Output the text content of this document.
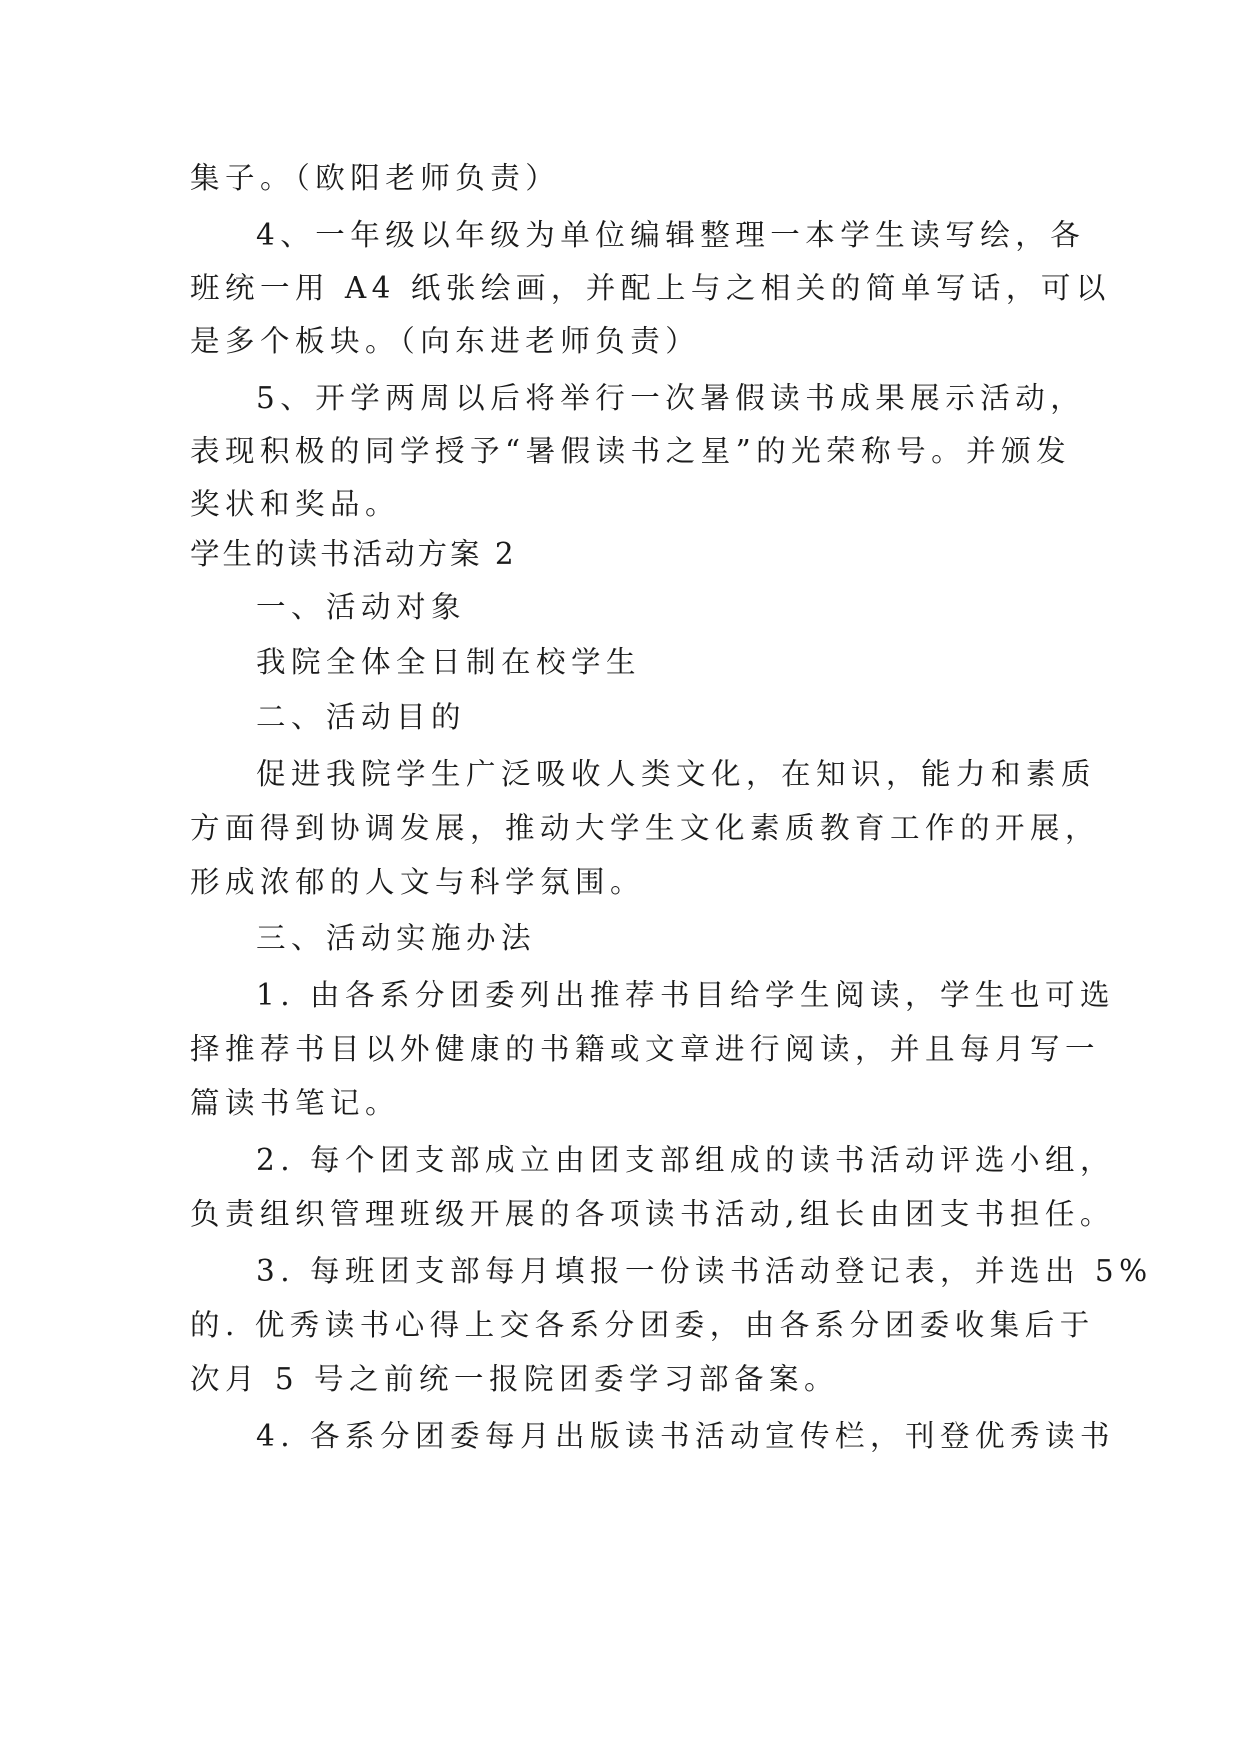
集子。（欧阳老师负责）
4、一年级以年级为单位编辑整理一本学生读写绘，各
班统一用 A4 纸张绘画，并配上与之相关的简单写话，可以
是多个板块。（向东进老师负责）
5、开学两周以后将举行一次暑假读书成果展示活动，
表现积极的同学授予“暑假读书之星”的光荣称号。并颁发
奖状和奖品。
学生的读书活动方案 2
一、活动对象
我院全体全日制在校学生
二、活动目的
促进我院学生广泛吸收人类文化，在知识，能力和素质
方面得到协调发展，推动大学生文化素质教育工作的开展，
形成浓郁的人文与科学氛围。
三、活动实施办法
1. 由各系分团委列出推荐书目给学生阅读，学生也可选
择推荐书目以外健康的书籍或文章进行阅读，并且每月写一
篇读书笔记。
2. 每个团支部成立由团支部组成的读书活动评选小组，
负责组织管理班级开展的各项读书活动,组长由团支书担任。
3. 每班团支部每月填报一份读书活动登记表，并选出 5%
的. 优秀读书心得上交各系分团委，由各系分团委收集后于
次月 5 号之前统一报院团委学习部备案。
4. 各系分团委每月出版读书活动宣传栏，刊登优秀读书
